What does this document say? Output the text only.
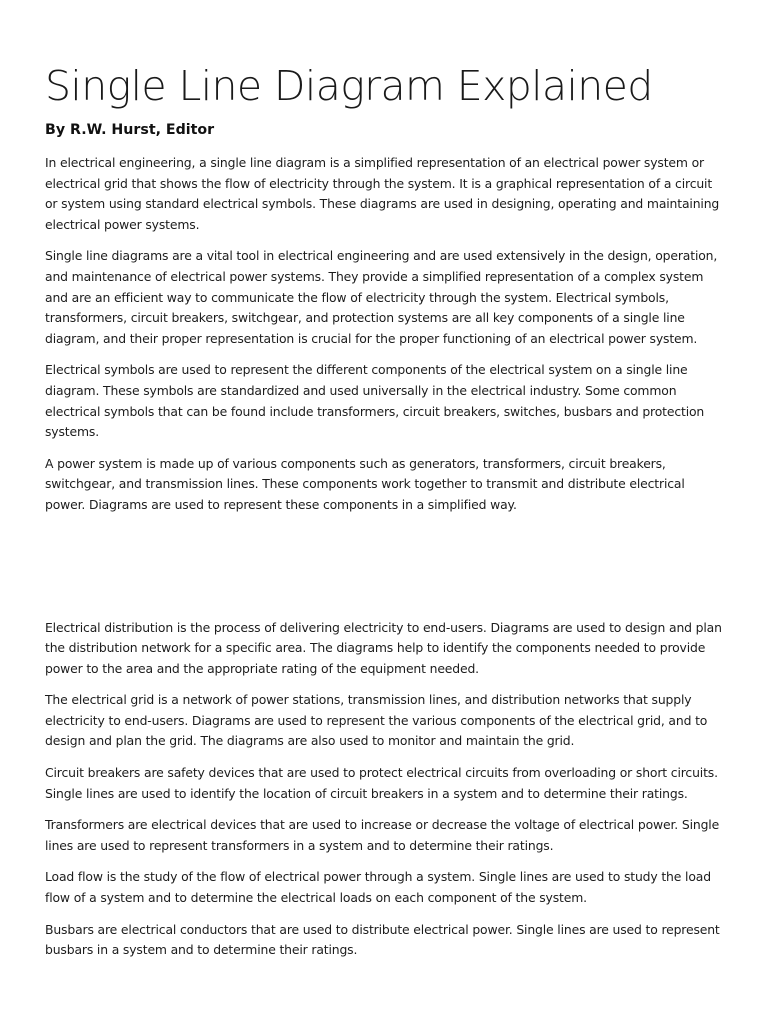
Single Line Diagram Explained
By R.W. Hurst, Editor

In electrical engineering, a single line diagram is a simplified representation of an electrical power system or electrical grid that shows the flow of electricity through the system. It is a graphical representation of a circuit or system using standard electrical symbols. These diagrams are used in designing, operating and maintaining electrical power systems.

Single line diagrams are a vital tool in electrical engineering and are used extensively in the design, operation, and maintenance of electrical power systems. They provide a simplified representation of a complex system and are an efficient way to communicate the flow of electricity through the system. Electrical symbols, transformers, circuit breakers, switchgear, and protection systems are all key components of a single line diagram, and their proper representation is crucial for the proper functioning of an electrical power system.

Electrical symbols are used to represent the different components of the electrical system on a single line diagram. These symbols are standardized and used universally in the electrical industry. Some common electrical symbols that can be found include transformers, circuit breakers, switches, busbars and protection systems.

A power system is made up of various components such as generators, transformers, circuit breakers, switchgear, and transmission lines. These components work together to transmit and distribute electrical power. Diagrams are used to represent these components in a simplified way.

Electrical distribution is the process of delivering electricity to end-users. Diagrams are used to design and plan the distribution network for a specific area. The diagrams help to identify the components needed to provide power to the area and the appropriate rating of the equipment needed.

The electrical grid is a network of power stations, transmission lines, and distribution networks that supply electricity to end-users. Diagrams are used to represent the various components of the electrical grid, and to design and plan the grid. The diagrams are also used to monitor and maintain the grid.

Circuit breakers are safety devices that are used to protect electrical circuits from overloading or short circuits. Single lines are used to identify the location of circuit breakers in a system and to determine their ratings.

Transformers are electrical devices that are used to increase or decrease the voltage of electrical power. Single lines are used to represent transformers in a system and to determine their ratings.

Load flow is the study of the flow of electrical power through a system. Single lines are used to study the load flow of a system and to determine the electrical loads on each component of the system.

Busbars are electrical conductors that are used to distribute electrical power. Single lines are used to represent busbars in a system and to determine their ratings.
